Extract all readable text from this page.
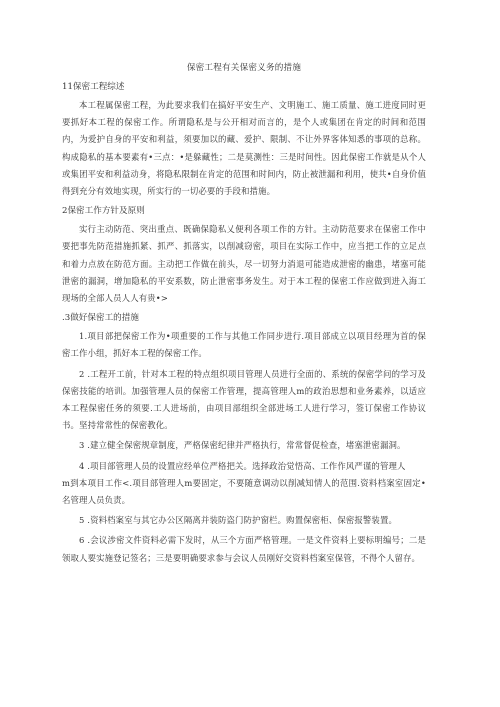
保密工程有关保密义务的措施
11保密工程综述

本工程属保密工程，为此要求我们在搞好平安生产、文明施工、施工质量、施工进度同时更要抓好本工程的保密工作。所谓隐私是与公开相对而言的，是个人或集团在肯定的时间和范围内，为爱护自身的平安和利益，须要加以的藏、爱护、限制、不让外界客体知悉的事项的总称。构成隐私的基本要素有•三点：•是躲藏性；二是莫测性：三是时间性。因此保密工作就是从个人或集团平安和利益动身，将隐私限制在肯定的范围和时间内，防止被泄漏和利用，使共•自身价值得到充分有效地实现，所实行的一切必要的手段和措施。

2保密工作方针及原则

实行主动防范、突出重点、既确保隐私乂便利各项工作的方针。主动防范要求在保密工作中要把事先防范措施抓紧、抓严、抓落实，以削减窃密，项目在实际工作中，应当把工作的立足点和着力点放在防范方面。主动把工作做在前头，尽一切努力消退可能造成泄密的幽患，堵塞可能泄密的漏洞，增加隐私的平安系数，防止泄密事务发生。对于本工程的保密工作应做到进入海工现场的全部人员人人有贵•>

.3做好保密工的措施

1.项目部把保密工作为•项重要的工作与其他工作同步进行.项目部成立以项目经理为首的保密工作小组，抓好本工程的保密工作。

2 .工程开工前，针对本工程的特点组织项目管理人员进行全面的、系统的保密学问的学习及保密技能的培训。加强管理人员的保密工作管理，提高管理人m的政治思想和业务素养，以适应本工程保密任务的须要.工人进场前，由项目部组织全部进场工人进行学习，签订保密工作协议书。坚持常常性的保密教化。

3 .建立健全保密规章制度，严格保密纪律并严格执行，常常督促检查，堵塞泄密漏洞。

4 .项目部管理人员的设置应经单位严格把关。选择政治觉悟高、工作作风严谨的管理人

m到本项目工作<.项目部管理人m要固定，不要随意调动以削减知情人的范围.资料档案室固定•名管理人员负责。

5 .资料档案室与其它办公区隔离并装防盗门防护窗栏。购置保密柜、保密报警装置。

6 .会议涉密文件资料必需下发时，从三个方面严格管理。一是文件资料上要标明编号；二是领取人要实施登记签名；三是要明确要求参与会议人员刚好交资料档案室保管，不得个人留存。
